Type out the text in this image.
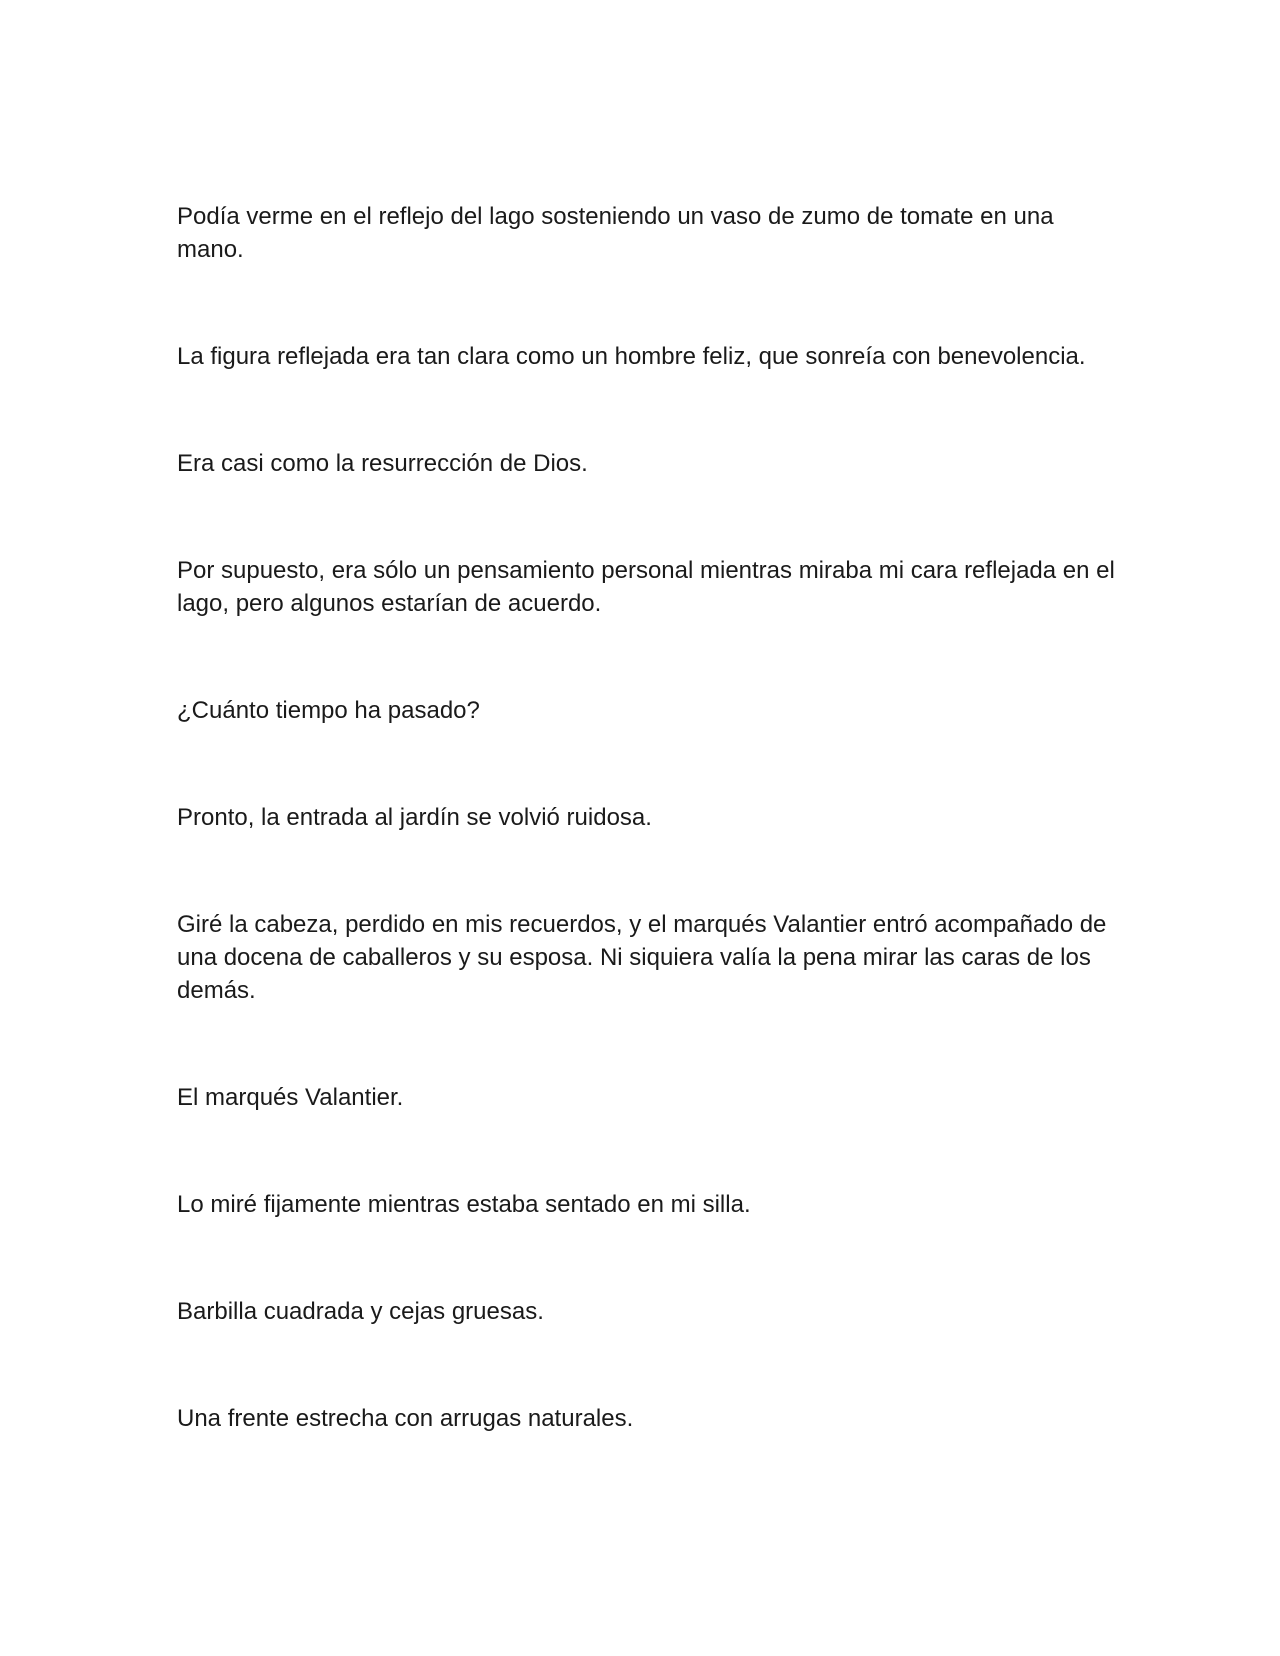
Podía verme en el reflejo del lago sosteniendo un vaso de zumo de tomate en una mano.

La figura reflejada era tan clara como un hombre feliz, que sonreía con benevolencia.

Era casi como la resurrección de Dios.

Por supuesto, era sólo un pensamiento personal mientras miraba mi cara reflejada en el lago, pero algunos estarían de acuerdo.

¿Cuánto tiempo ha pasado?

Pronto, la entrada al jardín se volvió ruidosa.

Giré la cabeza, perdido en mis recuerdos, y el marqués Valantier entró acompañado de una docena de caballeros y su esposa. Ni siquiera valía la pena mirar las caras de los demás.

El marqués Valantier.

Lo miré fijamente mientras estaba sentado en mi silla.

Barbilla cuadrada y cejas gruesas.

Una frente estrecha con arrugas naturales.
